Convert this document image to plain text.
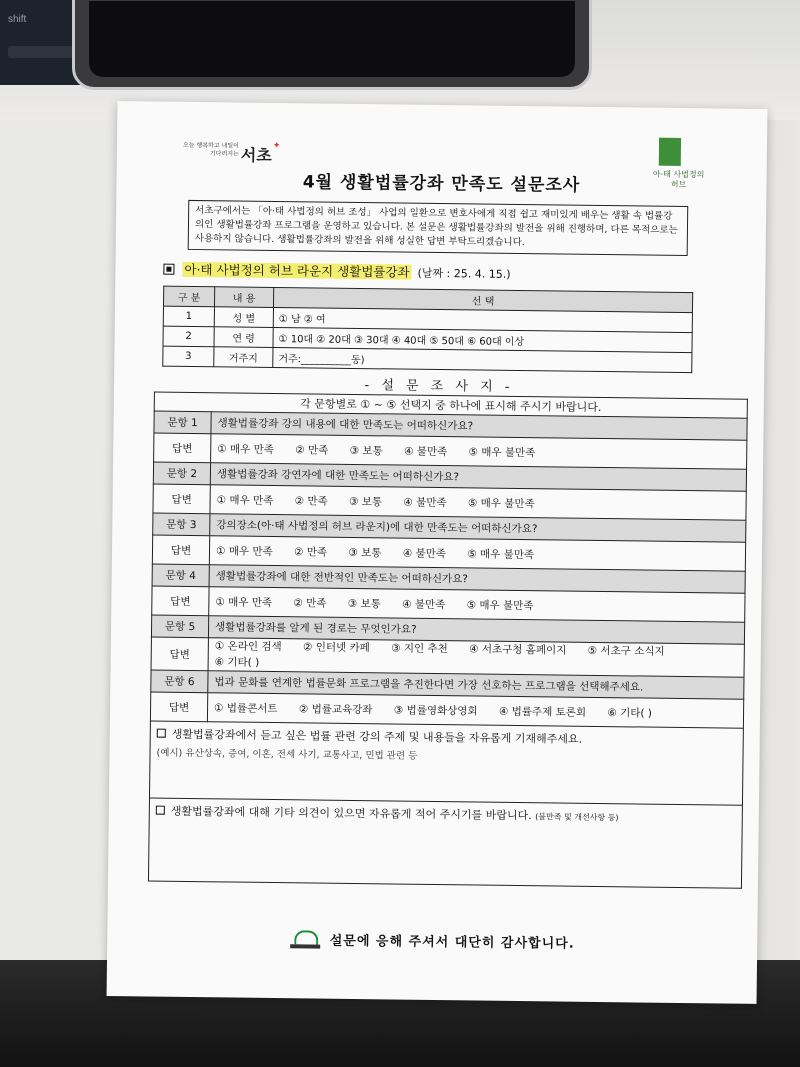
shift
오늘 행복하고 내일이 기다려지는 서초 ✦
아·태 사법정의 허브
4월 생활법률강좌 만족도 설문조사
서초구에서는 「아·태 사법정의 허브 조성」 사업의 일환으로 변호사에게 직접 쉽고 재미있게 배우는 생활 속 법률강의인 생활법률강좌 프로그램을 운영하고 있습니다. 본 설문은 생활법률강좌의 발전을 위해 진행하며, 다른 목적으로는 사용하지 않습니다. 생활법률강좌의 발전을 위해 성실한 답변 부탁드리겠습니다.
아·태 사법정의 허브 라운지 생활법률강좌 (날짜 : 25. 4. 15.)
구 분	내 용	선 택
1	성 별	① 남 ② 여
2	연 령	① 10대 ② 20대 ③ 30대 ④ 40대 ⑤ 50대 ⑥ 60대 이상
3	거주지	거주:__________동)
- 설 문 조 사 지 -
각 문항별로 ① ~ ⑤ 선택지 중 하나에 표시해 주시기 바랍니다.	
문항 1	생활법률강좌 강의 내용에 대한 만족도는 어떠하신가요?
답변	① 매우 만족 ② 만족 ③ 보통 ④ 불만족 ⑤ 매우 불만족
문항 2	생활법률강좌 강연자에 대한 만족도는 어떠하신가요?
답변	① 매우 만족 ② 만족 ③ 보통 ④ 불만족 ⑤ 매우 불만족
문항 3	강의장소(아·태 사법정의 허브 라운지)에 대한 만족도는 어떠하신가요?
답변	① 매우 만족 ② 만족 ③ 보통 ④ 불만족 ⑤ 매우 불만족
문항 4	생활법률강좌에 대한 전반적인 만족도는 어떠하신가요?
답변	① 매우 만족 ② 만족 ③ 보통 ④ 불만족 ⑤ 매우 불만족
문항 5	생활법률강좌를 알게 된 경로는 무엇인가요?
답변	① 온라인 검색 ② 인터넷 카페 ③ 지인 추천 ④ 서초구청 홈페이지 ⑤ 서초구 소식지
⑥ 기타( )
문항 6	법과 문화를 연계한 법률문화 프로그램을 추진한다면 가장 선호하는 프로그램을 선택해주세요.
답변	① 법률콘서트 ② 법률교육강좌 ③ 법률영화상영회 ④ 법률주제 토론회 ⑥ 기타( )

생활법률강좌에서 듣고 싶은 법률 관련 강의 주제 및 내용들을 자유롭게 기재해주세요.
(예시) 유산상속, 증여, 이혼, 전세 사기, 교통사고, 민법 관련 등	

생활법률강좌에 대해 기타 의견이 있으면 자유롭게 적어 주시기를 바랍니다. (불만족 및 개선사항 등)	
설문에 응해 주셔서 대단히 감사합니다.
